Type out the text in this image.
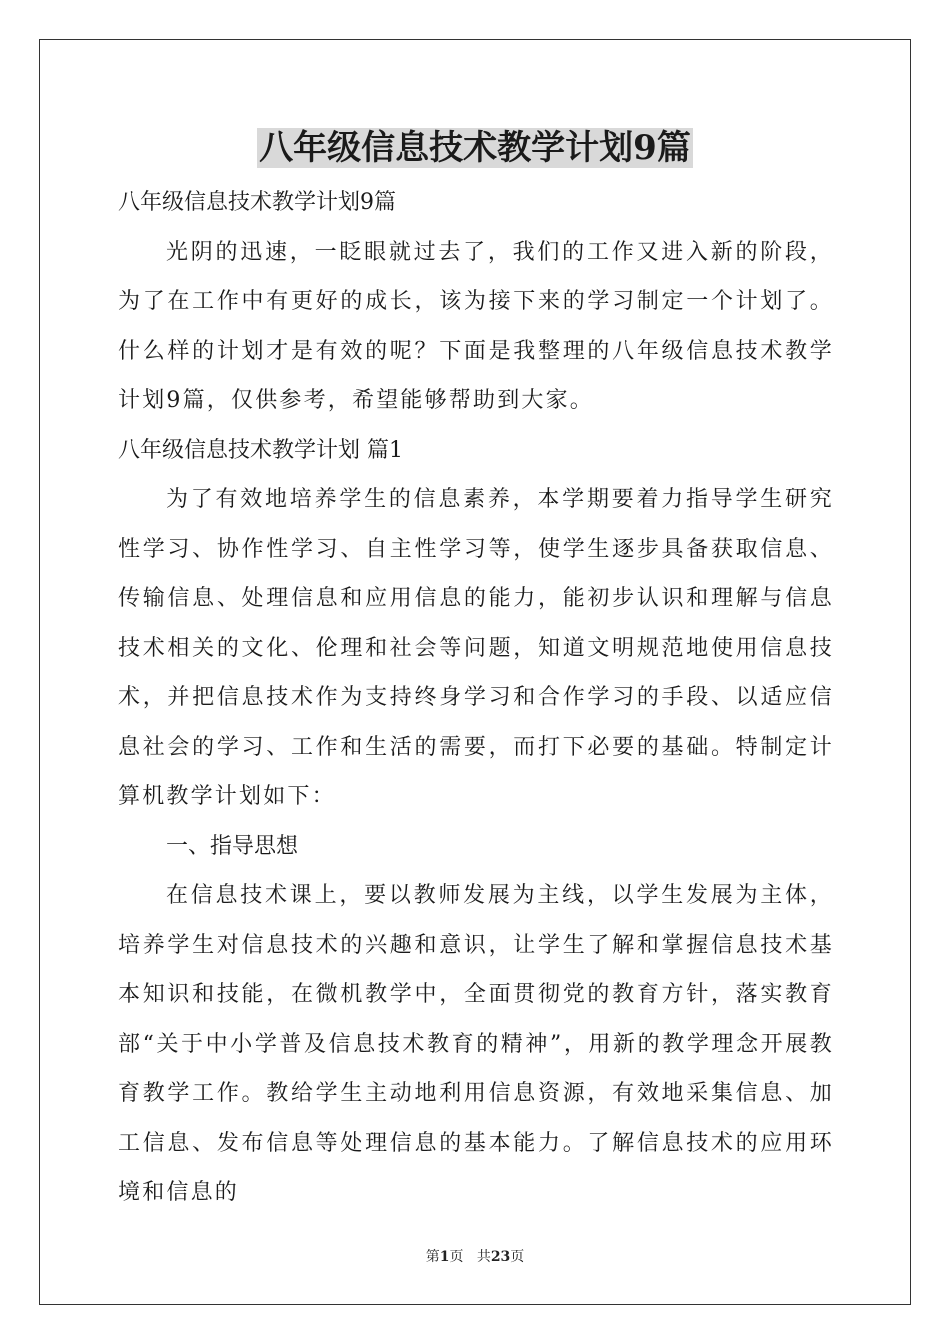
八年级信息技术教学计划9篇

八年级信息技术教学计划9篇

光阴的迅速，一眨眼就过去了，我们的工作又进入新的阶段，为了在工作中有更好的成长，该为接下来的学习制定一个计划了。什么样的计划才是有效的呢？下面是我整理的八年级信息技术教学计划9篇，仅供参考，希望能够帮助到大家。

八年级信息技术教学计划 篇1

为了有效地培养学生的信息素养，本学期要着力指导学生研究性学习、协作性学习、自主性学习等，使学生逐步具备获取信息、传输信息、处理信息和应用信息的能力，能初步认识和理解与信息技术相关的文化、伦理和社会等问题，知道文明规范地使用信息技术，并把信息技术作为支持终身学习和合作学习的手段、以适应信息社会的学习、工作和生活的需要，而打下必要的基础。特制定计算机教学计划如下：

一、指导思想

在信息技术课上，要以教师发展为主线，以学生发展为主体，培养学生对信息技术的兴趣和意识，让学生了解和掌握信息技术基本知识和技能，在微机教学中，全面贯彻党的教育方针，落实教育部“关于中小学普及信息技术教育的精神”，用新的教学理念开展教育教学工作。教给学生主动地利用信息资源，有效地采集信息、加工信息、发布信息等处理信息的基本能力。了解信息技术的应用环境和信息的

第1页 共23页
